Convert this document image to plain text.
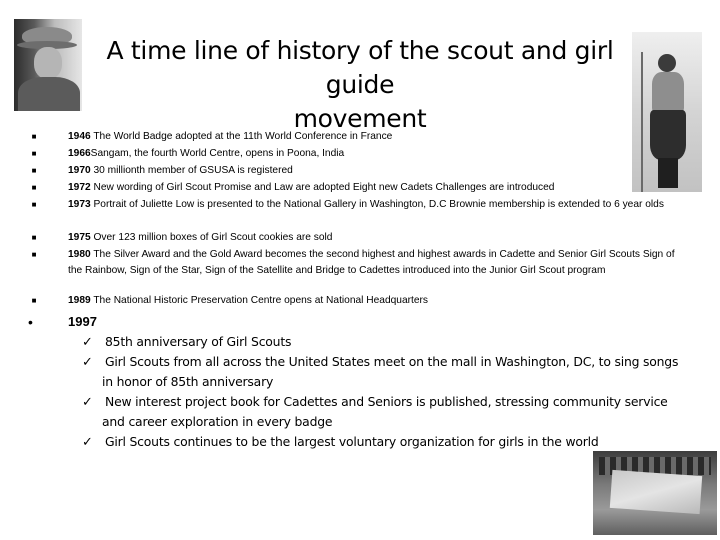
A time line of history of the scout and girl guide
movement
■	1946 The World Badge adopted at the 11th World Conference in France
■	1966Sangam, the fourth World Centre, opens in Poona, India
■	1970 30 millionth member of GSUSA is registered
■	1972 New wording of Girl Scout Promise and Law are adopted Eight new Cadets Challenges are introduced
■	1973 Portrait of Juliette Low is presented to the National Gallery in Washington, D.C Brownie membership is extended to 6 year olds
■	1975 Over 123 million boxes of Girl Scout cookies are sold
■	1980 The Silver Award and the Gold Award becomes the second highest and highest awards in Cadette and Senior Girl Scouts Sign of the Rainbow, Sign of the Star, Sign of the Satellite and Bridge to Cadettes introduced into the Junior Girl Scout program
■	1989 The National Historic Preservation Centre opens at National Headquarters
•	1997
✓ 85th anniversary of Girl Scouts
✓ Girl Scouts from all across the United States meet on the mall in Washington, DC, to sing songs in honor of 85th anniversary
✓ New interest project book for Cadettes and Seniors is published, stressing community service and career exploration in every badge
✓ Girl Scouts continues to be the largest voluntary organization for girls in the world
